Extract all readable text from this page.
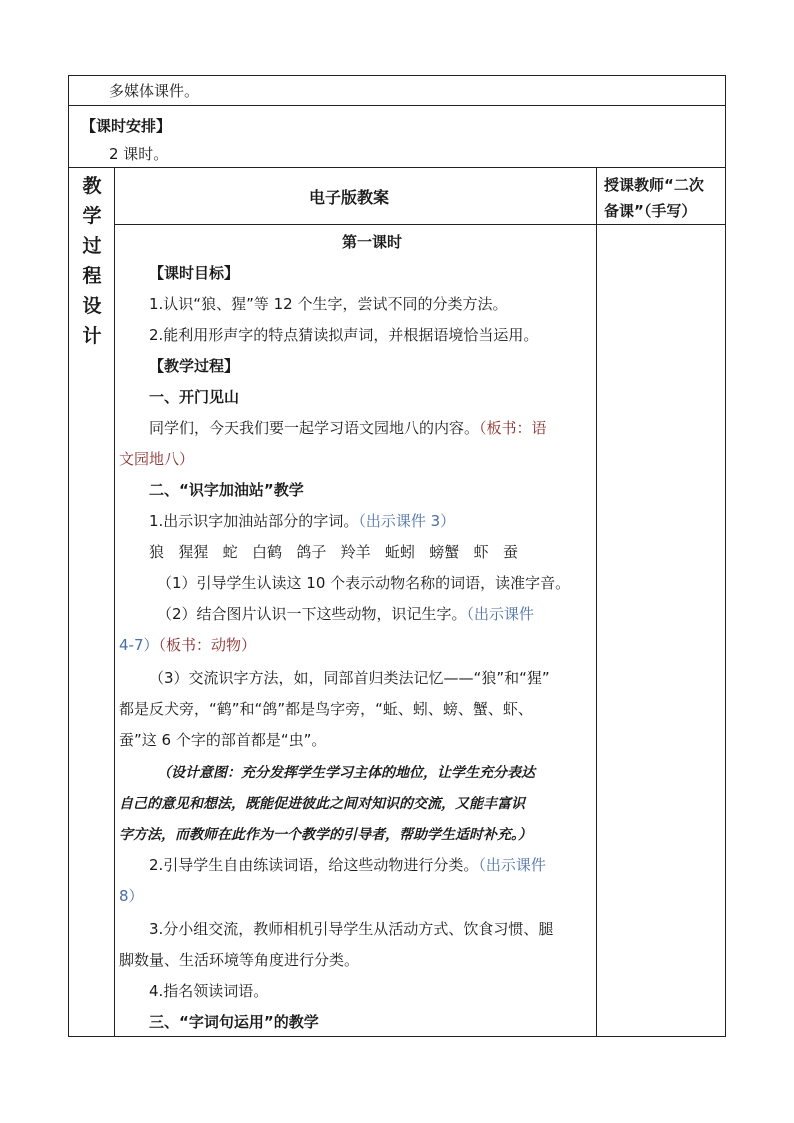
多媒体课件。
【课时安排】
2 课时。
教
学
过
程
设
计
电子版教案
授课教师“二次
备课”（手写）
第一课时
【课时目标】
1.认识“狼、猩”等 12 个生字，尝试不同的分类方法。
2.能利用形声字的特点猜读拟声词，并根据语境恰当运用。
【教学过程】
一、开门见山
同学们，今天我们要一起学习语文园地八的内容。（板书：语
文园地八）
二、“识字加油站”教学
1.出示识字加油站部分的字词。（出示课件 3）
狼 猩猩 蛇 白鹤 鸽子 羚羊 蚯蚓 螃蟹 虾 蚕
（1）引导学生认读这 10 个表示动物名称的词语，读准字音。
（2）结合图片认识一下这些动物，识记生字。（出示课件
4-7）（板书：动物）
（3）交流识字方法，如，同部首归类法记忆——“狼”和“猩”
都是反犬旁，“鹤”和“鸽”都是鸟字旁，“蚯、蚓、螃、蟹、虾、
蚕”这 6 个字的部首都是“虫”。
（设计意图：充分发挥学生学习主体的地位，让学生充分表达
自己的意见和想法，既能促进彼此之间对知识的交流，又能丰富识
字方法，而教师在此作为一个教学的引导者，帮助学生适时补充。）
2.引导学生自由练读词语，给这些动物进行分类。（出示课件
8）
3.分小组交流，教师相机引导学生从活动方式、饮食习惯、腿
脚数量、生活环境等角度进行分类。
4.指名领读词语。
三、“字词句运用”的教学
